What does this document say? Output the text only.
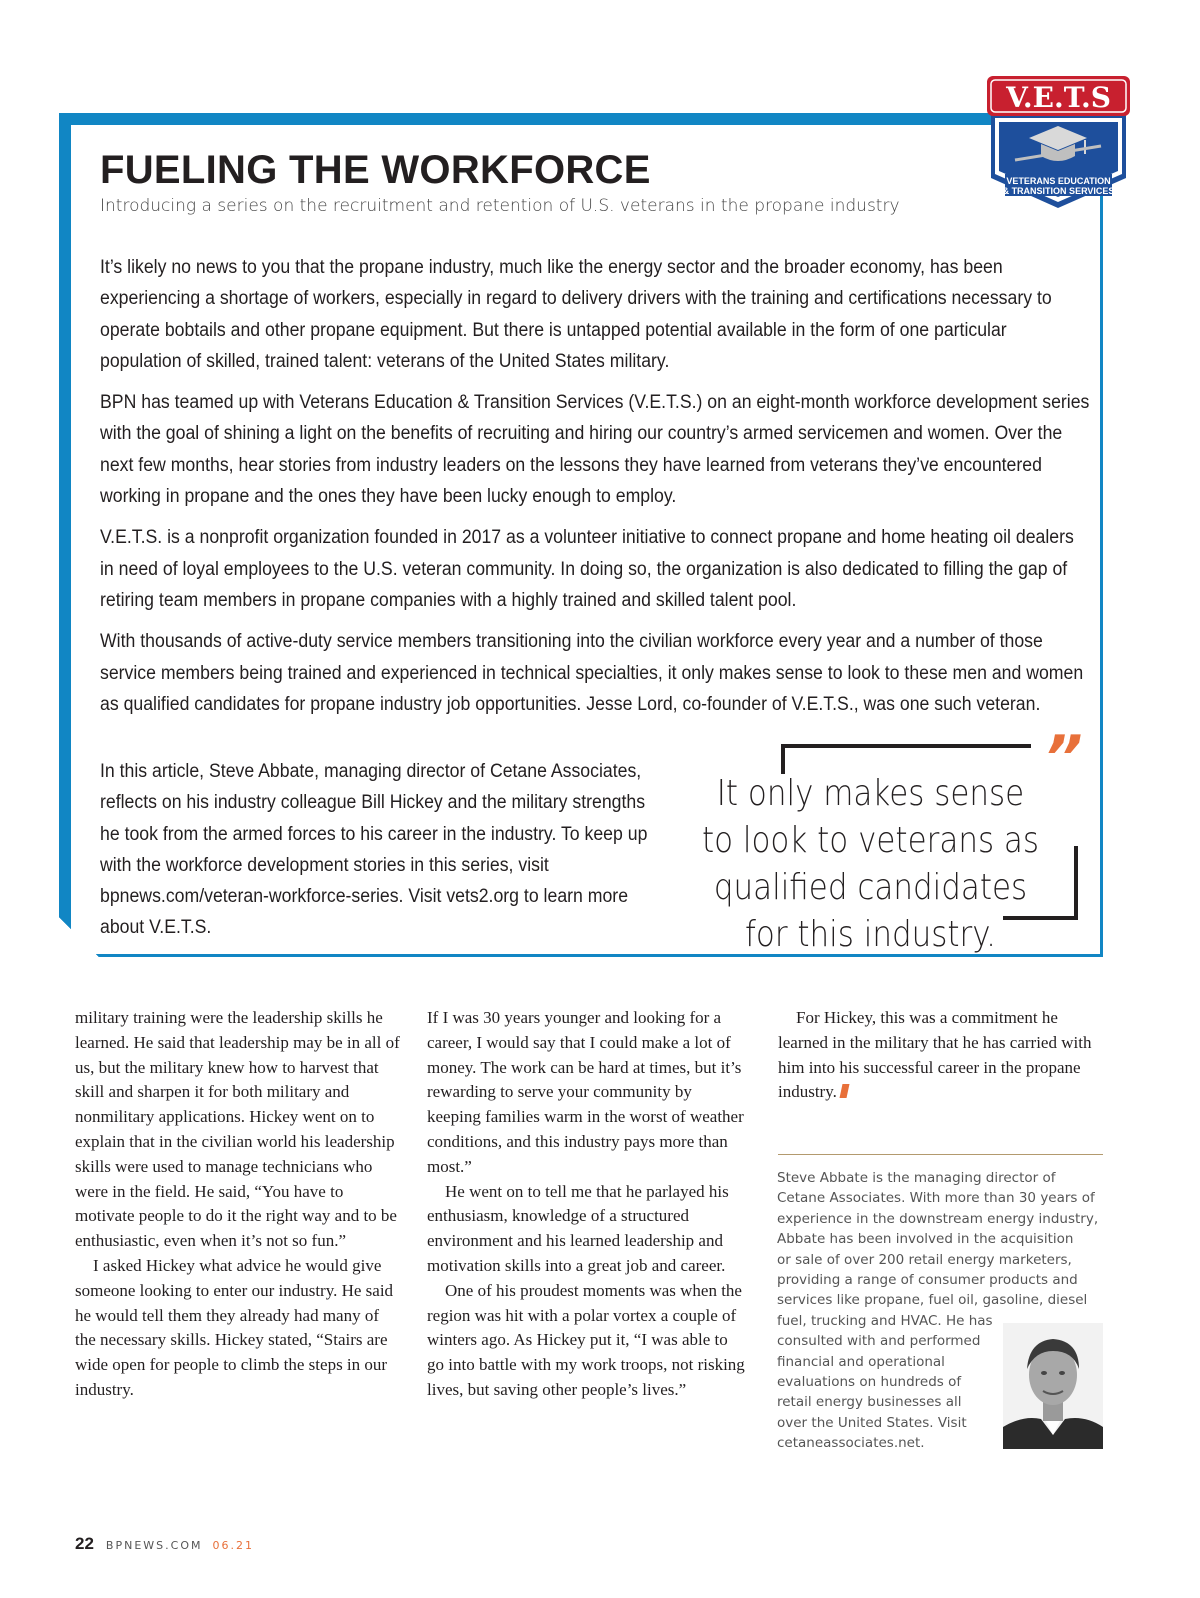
V.E.T.S
VETERANS EDUCATION
& TRANSITION SERVICES
FUELING THE WORKFORCE
Introducing a series on the recruitment and retention of U.S. veterans in the propane industry

It’s likely no news to you that the propane industry, much like the energy sector and the broader economy, has been experiencing a shortage of workers, especially in regard to delivery drivers with the training and certifications necessary to operate bobtails and other propane equipment. But there is untapped potential available in the form of one particular population of skilled, trained talent: veterans of the United States military.

BPN has teamed up with Veterans Education & Transition Services (V.E.T.S.) on an eight-month workforce development series with the goal of shining a light on the benefits of recruiting and hiring our country’s armed servicemen and women. Over the next few months, hear stories from industry leaders on the lessons they have learned from veterans they’ve encountered working in propane and the ones they have been lucky enough to employ.

V.E.T.S. is a nonprofit organization founded in 2017 as a volunteer initiative to connect propane and home heating oil dealers in need of loyal employees to the U.S. veteran community. In doing so, the organization is also dedicated to filling the gap of retiring team members in propane companies with a highly trained and skilled talent pool.

With thousands of active-duty service members transitioning into the civilian workforce every year and a number of those service members being trained and experienced in technical specialties, it only makes sense to look to these men and women as qualified candidates for propane industry job opportunities. Jesse Lord, co-founder of V.E.T.S., was one such veteran.

In this article, Steve Abbate, managing director of Cetane Associates, reflects on his industry colleague Bill Hickey and the military strengths he took from the armed forces to his career in the industry. To keep up with the workforce development stories in this series, visit bpnews.com/veteran-workforce-series. Visit vets2.org to learn more about V.E.T.S.

”
It only makes sense to look to veterans as qualified candidates for this industry.

military training were the leadership skills he learned. He said that leadership may be in all of us, but the military knew how to harvest that skill and sharpen it for both military and nonmilitary applications. Hickey went on to explain that in the civilian world his leadership skills were used to manage technicians who were in the field. He said, “You have to motivate people to do it the right way and to be enthusiastic, even when it’s not so fun.”

I asked Hickey what advice he would give someone looking to enter our industry. He said he would tell them they already had many of the necessary skills. Hickey stated, “Stairs are wide open for people to climb the steps in our industry.

If I was 30 years younger and looking for a career, I would say that I could make a lot of money. The work can be hard at times, but it’s rewarding to serve your community by keeping families warm in the worst of weather conditions, and this industry pays more than most.”

He went on to tell me that he parlayed his enthusiasm, knowledge of a structured environment and his learned leadership and motivation skills into a great job and career.

One of his proudest moments was when the region was hit with a polar vortex a couple of winters ago. As Hickey put it, “I was able to go into battle with my work troops, not risking lives, but saving other people’s lives.”

For Hickey, this was a commitment he learned in the military that he has carried with him into his successful career in the propane industry.

Steve Abbate is the managing director of
Cetane Associates. With more than 30 years of
experience in the downstream energy industry,
Abbate has been involved in the acquisition
or sale of over 200 retail energy marketers,
providing a range of consumer products and
services like propane, fuel oil, gasoline, diesel
fuel, trucking and HVAC. He has
consulted with and performed
financial and operational
evaluations on hundreds of
retail energy businesses all
over the United States. Visit
cetaneassociates.net.
22 BPNEWS.COM 06.21
